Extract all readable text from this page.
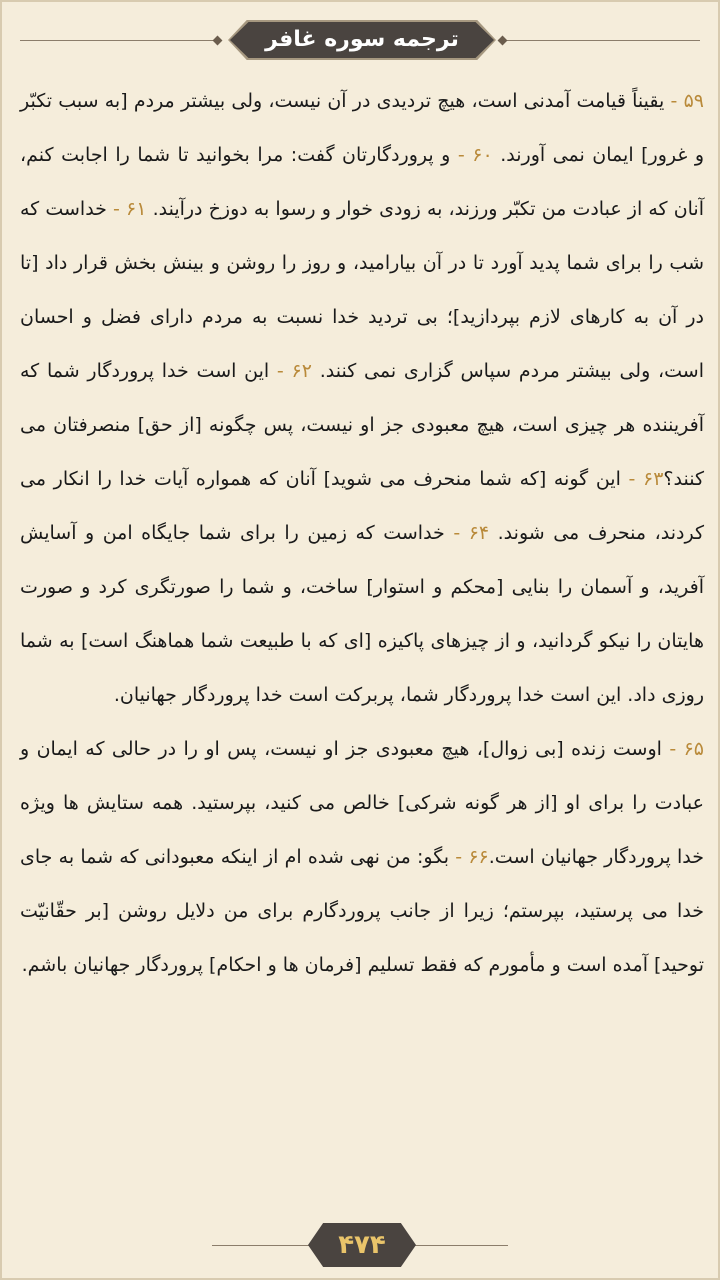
ترجمه سوره غافر
۵۹ - یقیناً قیامت آمدنی است، هیچ تردیدی در آن نیست، ولی بیشتر مردم [به سبب تکبّر و غرور] ایمان نمی آورند. ۶۰ - و پروردگارتان گفت: مرا بخوانید تا شما را اجابت کنم، آنان که از عبادت من تکبّر ورزند، به زودی خوار و رسوا به دوزخ درآیند. ۶۱ - خداست که شب را برای شما پدید آورد تا در آن بیارامید، و روز را روشن و بینش بخش قرار داد [تا در آن به کارهای لازم بپردازید]؛ بی تردید خدا نسبت به مردم دارای فضل و احسان است، ولی بیشتر مردم سپاس گزاری نمی کنند. ۶۲ - این است خدا پروردگار شما که آفریننده هر چیزی است، هیچ معبودی جز او نیست، پس چگونه [از حق] منصرفتان می کنند؟۶۳ - این گونه [که شما منحرف می شوید] آنان که همواره آیات خدا را انکار می کردند، منحرف می شوند. ۶۴ - خداست که زمین را برای شما جایگاه امن و آسایش آفرید، و آسمان را بنایی [محکم و استوار] ساخت، و شما را صورتگری کرد و صورت هایتان را نیکو گردانید، و از چیزهای پاکیزه [ای که با طبیعت شما هماهنگ است] به شما روزی داد. این است خدا پروردگار شما، پربرکت است خدا پروردگار جهانیان.
۶۵ - اوست زنده [بی زوال]، هیچ معبودی جز او نیست، پس او را در حالی که ایمان و عبادت را برای او [از هر گونه شرکی] خالص می کنید، بپرستید. همه ستایش ها ویژه خدا پروردگار جهانیان است.۶۶ - بگو: من نهی شده ام از اینکه معبودانی که شما به جای خدا می پرستید، بپرستم؛ زیرا از جانب پروردگارم برای من دلایل روشن [بر حقّانیّت توحید] آمده است و مأمورم که فقط تسلیم [فرمان ها و احکام] پروردگار جهانیان باشم.
۴۷۴
